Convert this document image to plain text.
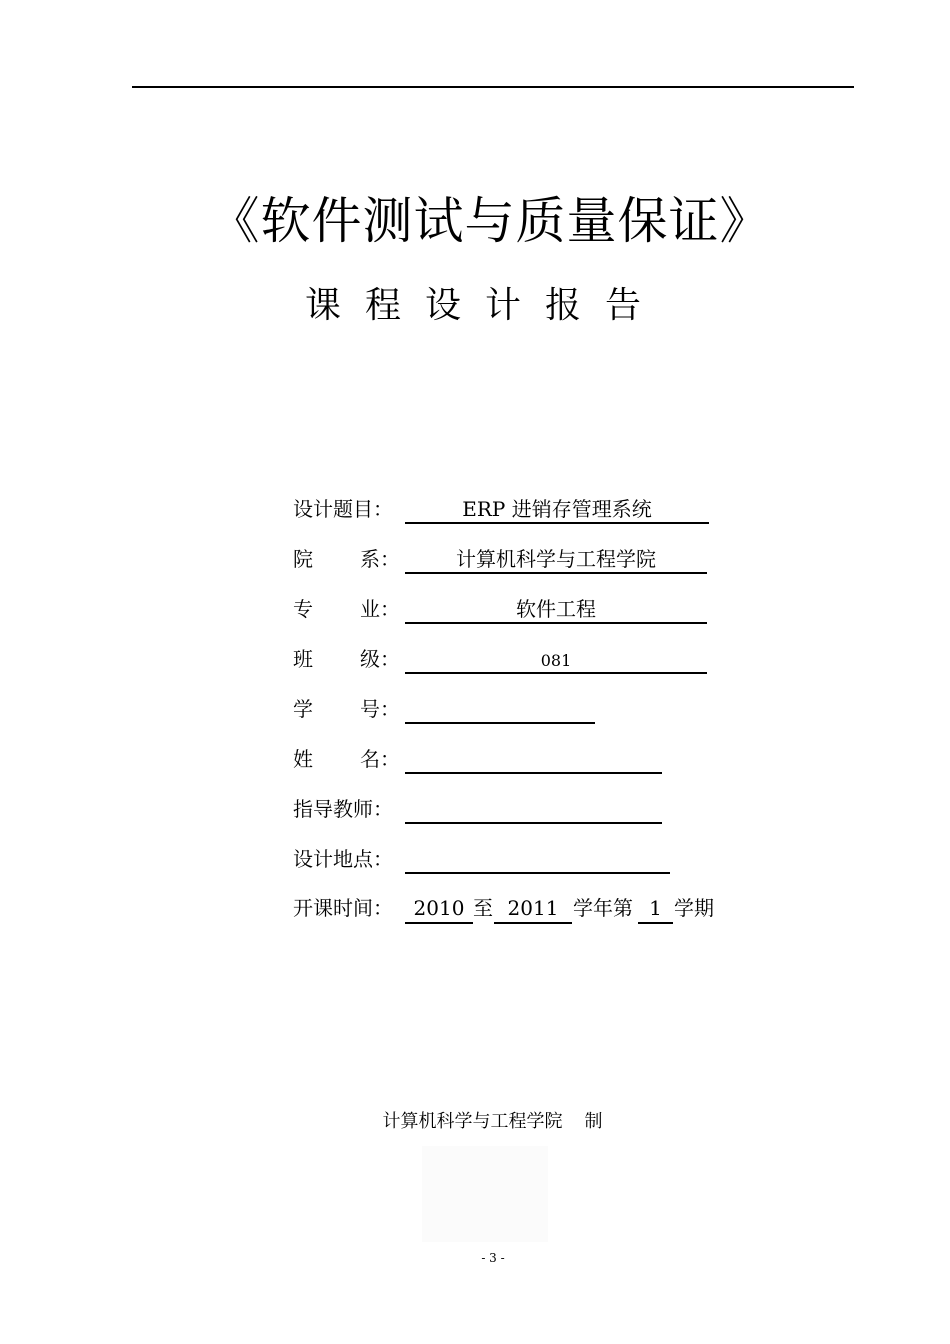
《软件测试与质量保证》
课程设计报告
设计题目：	ERP 进销存管理系统
院 系 ：	计算机科学与工程学院
专 业 ：	软件工程
班 级 ：	081
学 号 ：
姓 名 ：
指导教师：
设计地点：
开课时间：	2010 至 2011 学年第 1 学期
计算机科学与工程学院 制
- 3 -
